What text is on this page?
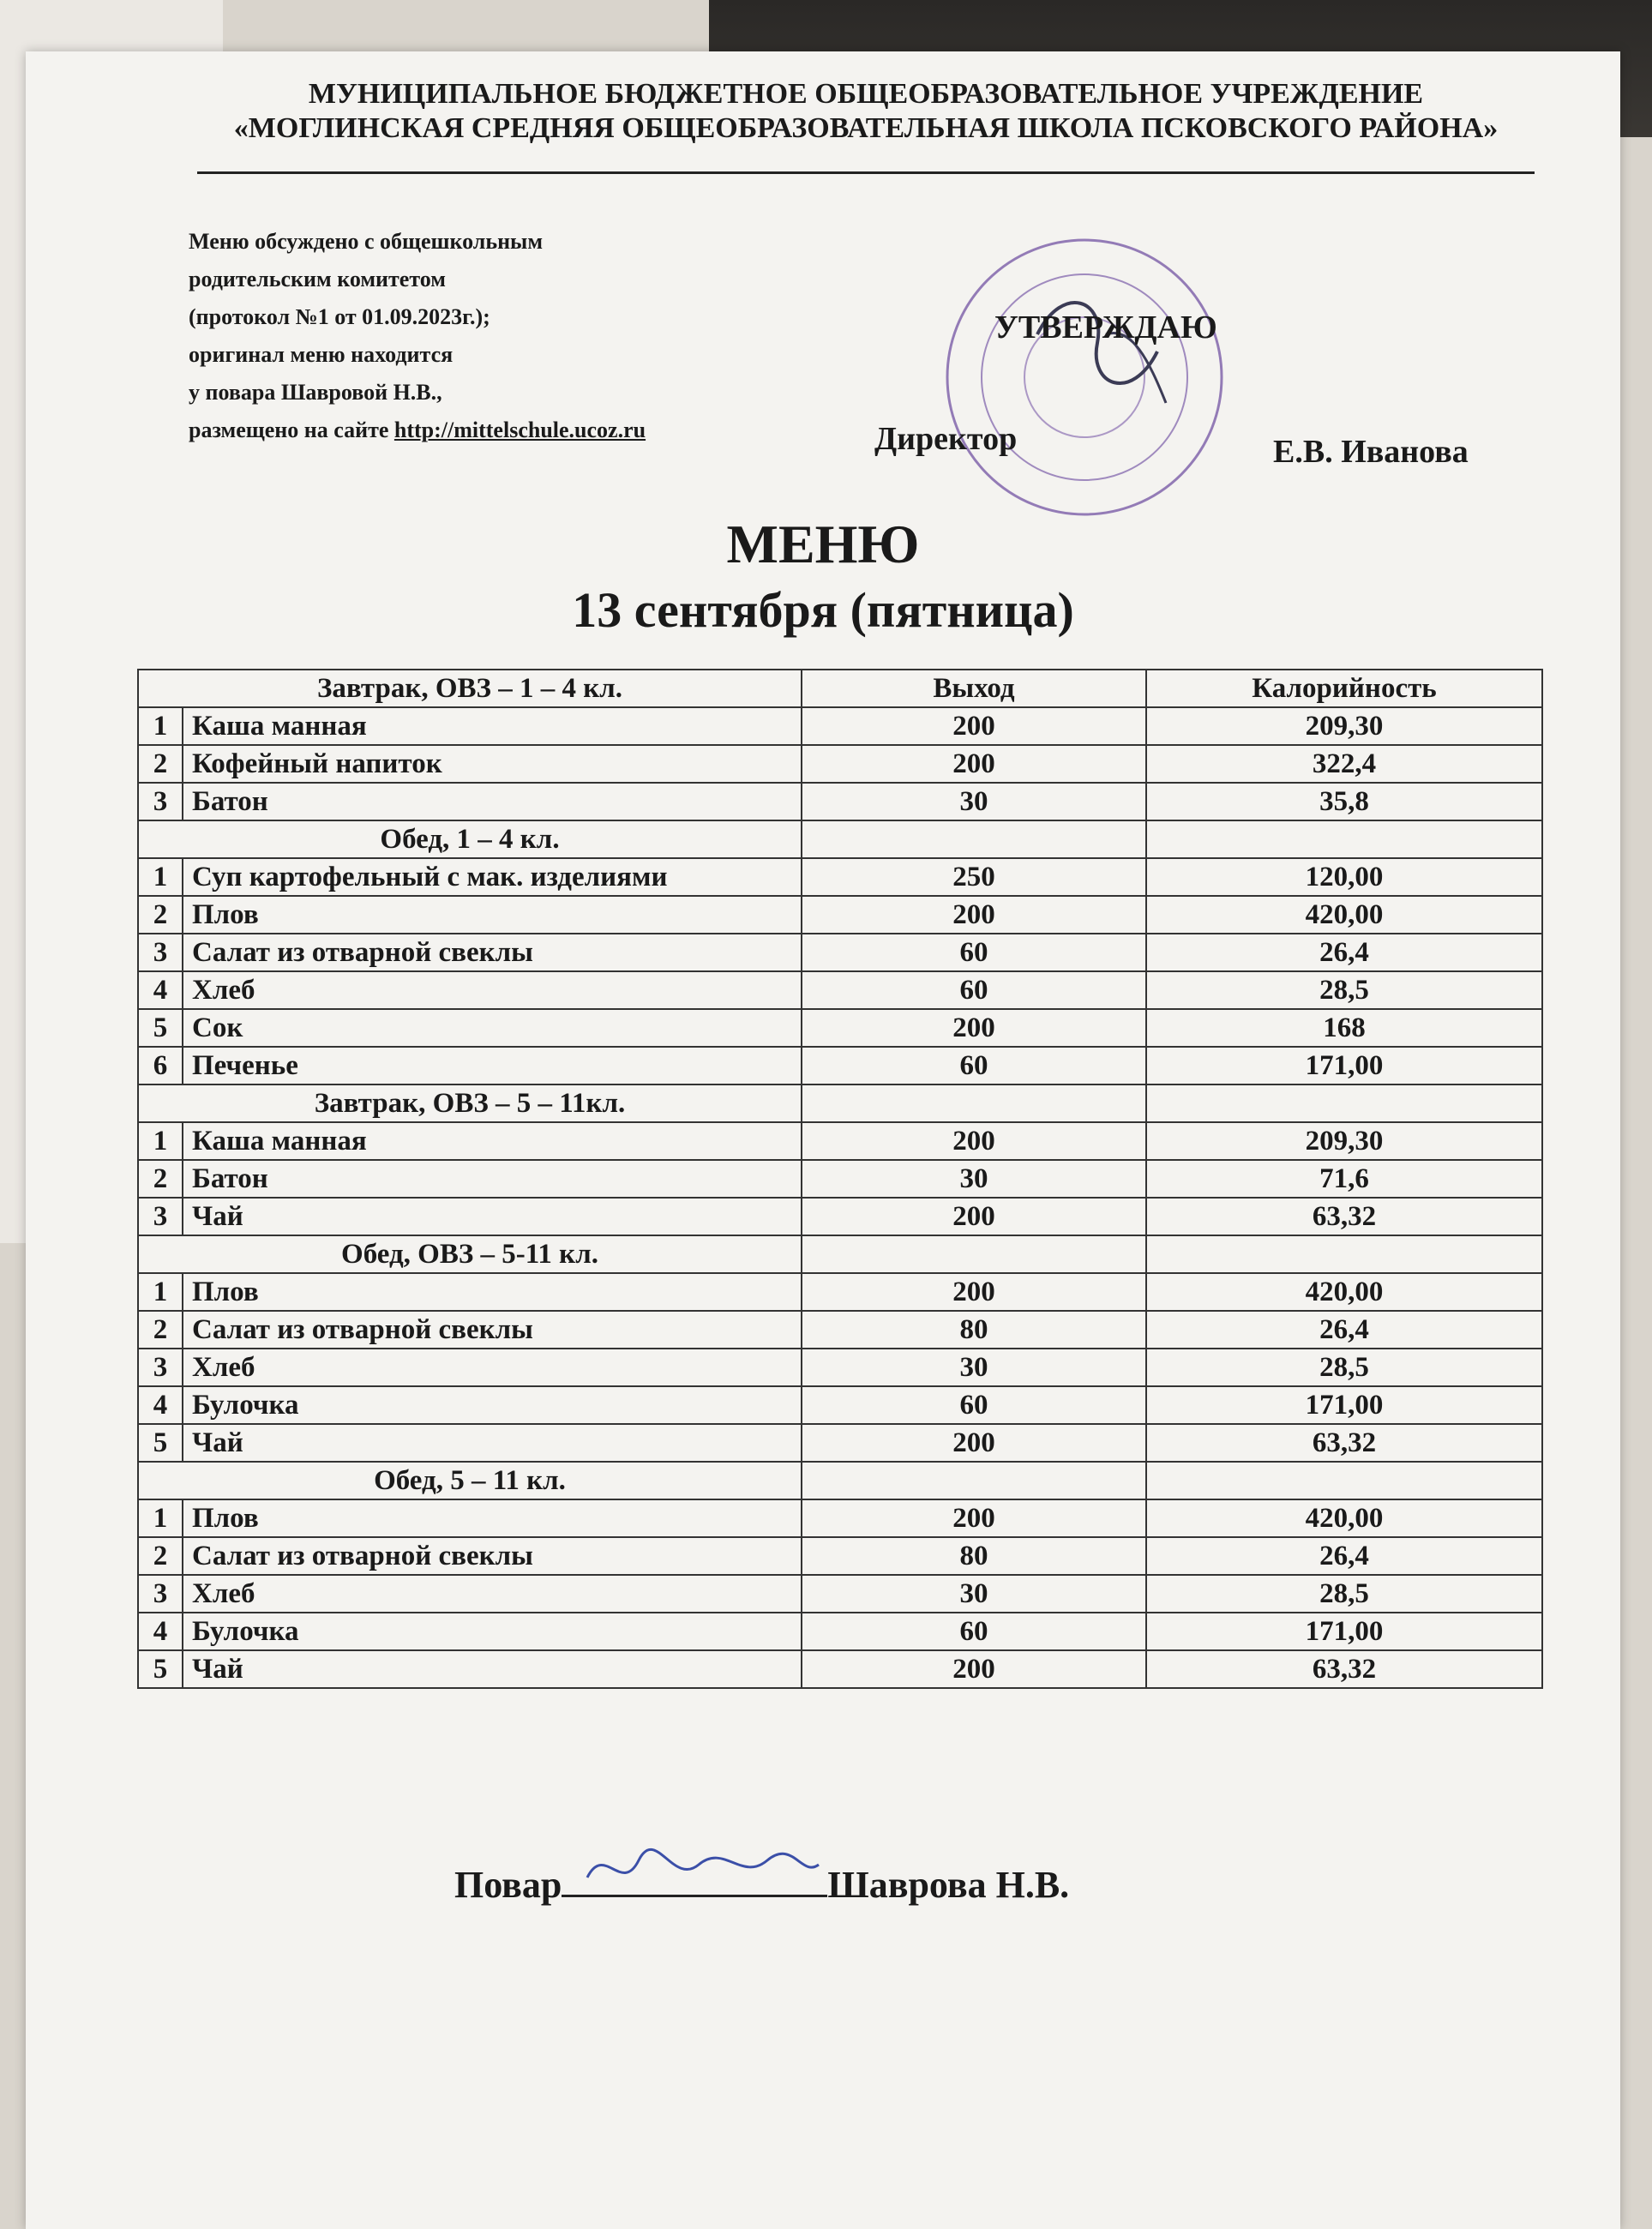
МУНИЦИПАЛЬНОЕ БЮДЖЕТНОЕ ОБЩЕОБРАЗОВАТЕЛЬНОЕ УЧРЕЖДЕНИЕ
«МОГЛИНСКАЯ СРЕДНЯЯ ОБЩЕОБРАЗОВАТЕЛЬНАЯ ШКОЛА ПСКОВСКОГО РАЙОНА»
Меню обсуждено с общешкольным
родительским комитетом
(протокол №1 от 01.09.2023г.);
оригинал меню находится
у повара Шавровой Н.В.,
размещено на сайте http://mittelschule.ucoz.ru
УТВЕРЖДАЮ
Директор	Е.В. Иванова
МЕНЮ
13 сентября (пятница)
Завтрак, ОВЗ – 1 – 4 кл.		Выход	Калорийность
1	Каша манная	200	209,30
2	Кофейный напиток	200	322,4
3	Батон	30	35,8
Обед, 1 – 4 кл.			
1	Суп картофельный с мак. изделиями	250	120,00
2	Плов	200	420,00
3	Салат из отварной свеклы	60	26,4
4	Хлеб	60	28,5
5	Сок	200	168
6	Печенье	60	171,00
Завтрак, ОВЗ – 5 – 11кл.			
1	Каша манная	200	209,30
2	Батон	30	71,6
3	Чай	200	63,32
Обед, ОВЗ – 5-11 кл.			
1	Плов	200	420,00
2	Салат из отварной свеклы	80	26,4
3	Хлеб	30	28,5
4	Булочка	60	171,00
5	Чай	200	63,32
Обед, 5 – 11 кл.			
1	Плов	200	420,00
2	Салат из отварной свеклы	80	26,4
3	Хлеб	30	28,5
4	Булочка	60	171,00
5	Чай	200	63,32
Повар	Шаврова Н.В.
